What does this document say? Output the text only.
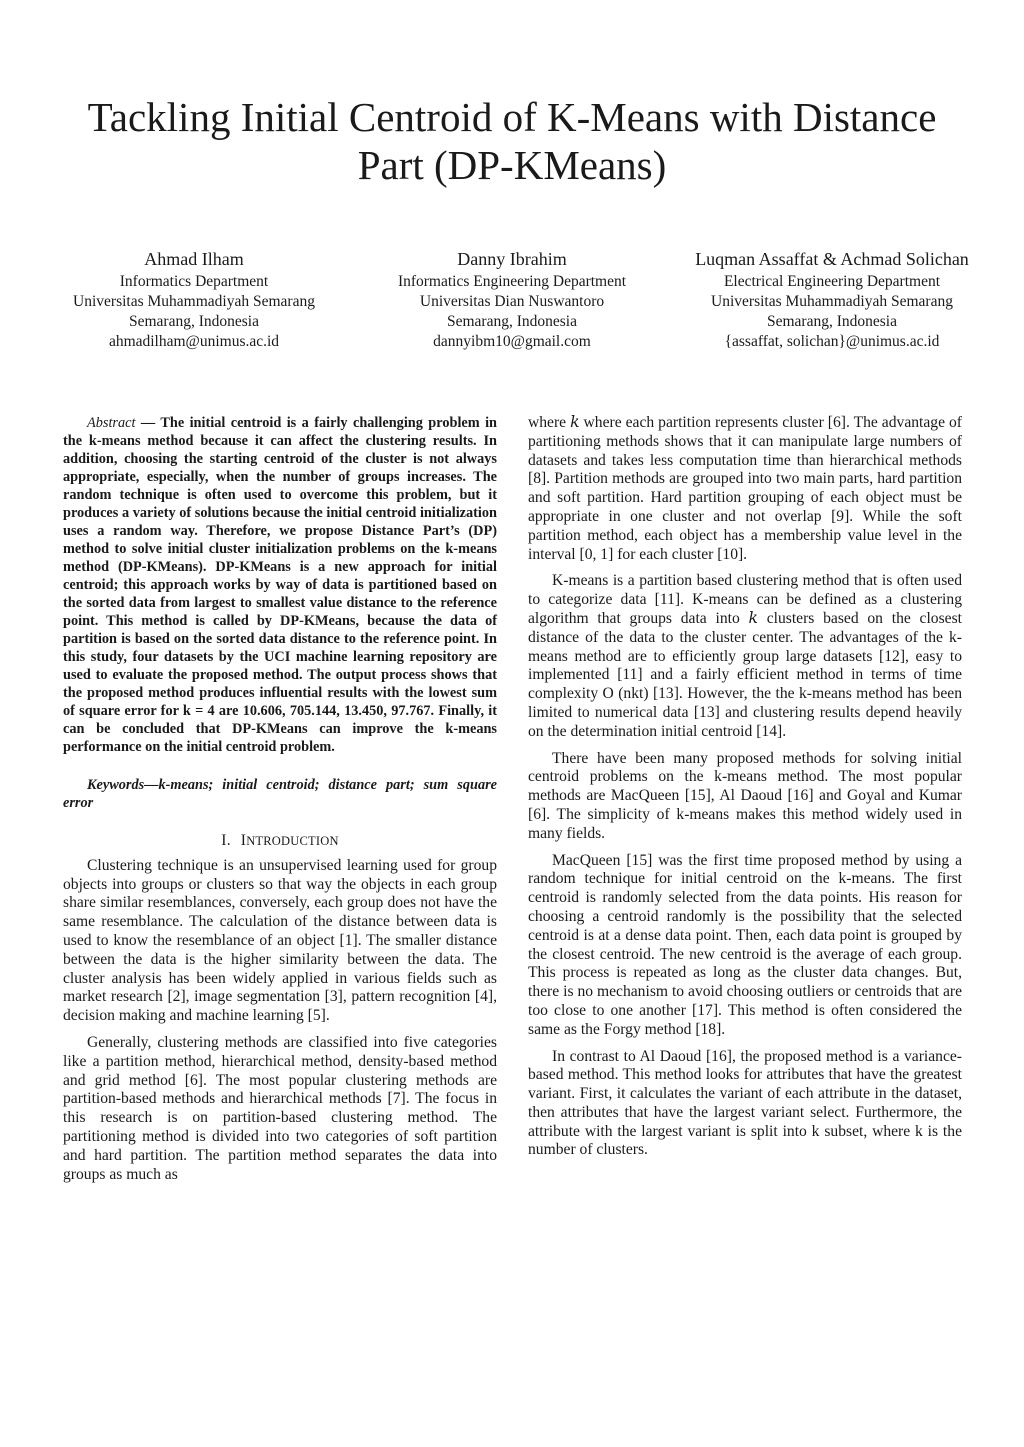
Tackling Initial Centroid of K-Means with Distance Part (DP-KMeans)
Ahmad Ilham
Informatics Department
Universitas Muhammadiyah Semarang
Semarang, Indonesia
ahmadilham@unimus.ac.id
Danny Ibrahim
Informatics Engineering Department
Universitas Dian Nuswantoro
Semarang, Indonesia
dannyibm10@gmail.com
Luqman Assaffat & Achmad Solichan
Electrical Engineering Department
Universitas Muhammadiyah Semarang
Semarang, Indonesia
{assaffat, solichan}@unimus.ac.id

Abstract — The initial centroid is a fairly challenging problem in the k-means method because it can affect the clustering results. In addition, choosing the starting centroid of the cluster is not always appropriate, especially, when the number of groups increases. The random technique is often used to overcome this problem, but it produces a variety of solutions because the initial centroid initialization uses a random way. Therefore, we propose Distance Part’s (DP) method to solve initial cluster initialization problems on the k-means method (DP-KMeans). DP-KMeans is a new approach for initial centroid; this approach works by way of data is partitioned based on the sorted data from largest to smallest value distance to the reference point. This method is called by DP-KMeans, because the data of partition is based on the sorted data distance to the reference point. In this study, four datasets by the UCI machine learning repository are used to evaluate the proposed method. The output process shows that the proposed method produces influential results with the lowest sum of square error for k = 4 are 10.606, 705.144, 13.450, 97.767. Finally, it can be concluded that DP-KMeans can improve the k-means performance on the initial centroid problem.

Keywords—k-means; initial centroid; distance part; sum square error

I. INTRODUCTION

Clustering technique is an unsupervised learning used for group objects into groups or clusters so that way the objects in each group share similar resemblances, conversely, each group does not have the same resemblance. The calculation of the distance between data is used to know the resemblance of an object [1]. The smaller distance between the data is the higher similarity between the data. The cluster analysis has been widely applied in various fields such as market research [2], image segmentation [3], pattern recognition [4], decision making and machine learning [5].

Generally, clustering methods are classified into five categories like a partition method, hierarchical method, density-based method and grid method [6]. The most popular clustering methods are partition-based methods and hierarchical methods [7]. The focus in this research is on partition-based clustering method. The partitioning method is divided into two categories of soft partition and hard partition. The partition method separates the data into groups as much as

where 𝑘 where each partition represents cluster [6]. The advantage of partitioning methods shows that it can manipulate large numbers of datasets and takes less computation time than hierarchical methods [8]. Partition methods are grouped into two main parts, hard partition and soft partition. Hard partition grouping of each object must be appropriate in one cluster and not overlap [9]. While the soft partition method, each object has a membership value level in the interval [0, 1] for each cluster [10].

K-means is a partition based clustering method that is often used to categorize data [11]. K-means can be defined as a clustering algorithm that groups data into 𝑘 clusters based on the closest distance of the data to the cluster center. The advantages of the k-means method are to efficiently group large datasets [12], easy to implemented [11] and a fairly efficient method in terms of time complexity O (nkt) [13]. However, the the k-means method has been limited to numerical data [13] and clustering results depend heavily on the determination initial centroid [14].

There have been many proposed methods for solving initial centroid problems on the k-means method. The most popular methods are MacQueen [15], Al Daoud [16] and Goyal and Kumar [6]. The simplicity of k-means makes this method widely used in many fields.

MacQueen [15] was the first time proposed method by using a random technique for initial centroid on the k-means. The first centroid is randomly selected from the data points. His reason for choosing a centroid randomly is the possibility that the selected centroid is at a dense data point. Then, each data point is grouped by the closest centroid. The new centroid is the average of each group. This process is repeated as long as the cluster data changes. But, there is no mechanism to avoid choosing outliers or centroids that are too close to one another [17]. This method is often considered the same as the Forgy method [18].

In contrast to Al Daoud [16], the proposed method is a variance-based method. This method looks for attributes that have the greatest variant. First, it calculates the variant of each attribute in the dataset, then attributes that have the largest variant select. Furthermore, the attribute with the largest variant is split into k subset, where k is the number of clusters.
